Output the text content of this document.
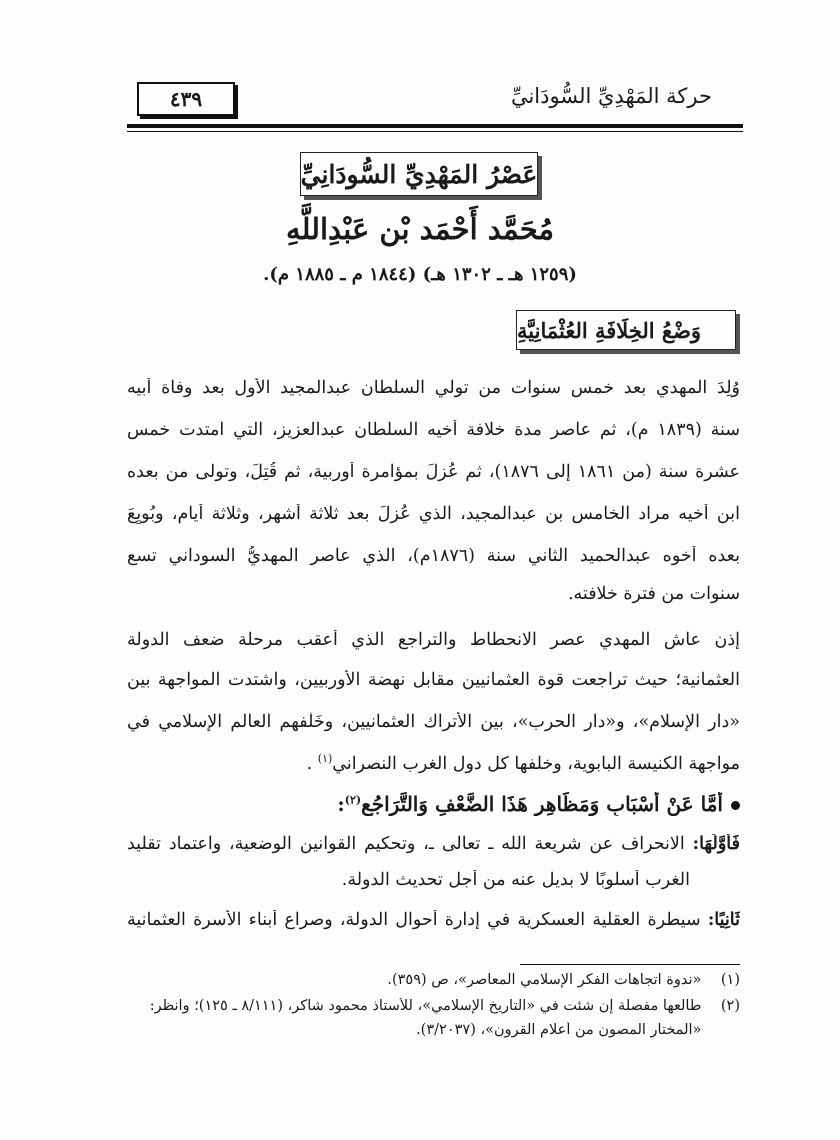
حركة المَهْدِيِّ السُّودَانيِّ
٤٣٩
عَصْرُ المَهْدِيِّ السُّودَانِيِّ
مُحَمَّد أَحْمَد بْن عَبْدِاللَّهِ
(١٢٥٩ هـ ـ ١٣٠٢ هـ) (١٨٤٤ م ـ ١٨٨٥ م).
وَضْعُ الخِلَافَةِ العُثْمَانِيَّةِ
وُلِدَ المهدي بعد خمس سنوات من تولي السلطان عبدالمجيد الأول بعد وفاة أبيه
سنة (١٨٣٩ م)، ثم عاصر مدة خلافة أخيه السلطان عبدالعزيز، التي امتدت خمس
عشرة سنة (من ١٨٦١ إلى ١٨٧٦)، ثم عُزِلَ بمؤامرة أوربية، ثم قُتِلَ، وتولى من بعده
ابن أخيه مراد الخامس بن عبدالمجيد، الذي عُزِلَ بعد ثلاثة أشهر، وثلاثة أيام، وبُويِعَ
بعده أخوه عبدالحميد الثاني سنة (١٨٧٦م)، الذي عاصر المهديُّ السوداني تسع
سنوات من فترة خلافته.
إذن عاش المهدي عصر الانحطاط والتراجع الذي أعقب مرحلة ضعف الدولة
العثمانية؛ حيث تراجعت قوة العثمانيين مقابل نهضة الأوربيين، واشتدت المواجهة بين
«دار الإسلام»، و«دار الحرب»، بين الأتراك العثمانيين، وخَلْفهم العالم الإسلامي في
مواجهة الكنيسة البابوية، وخلفها كل دول الغرب النصراني$^{(١)}$ .
أَمَّا عَنْ أَسْبَابِ وَمَظَاهِرِ هَذَا الضَّعْفِ وَالتَّرَاجُعِ$^{(٢)}$:
فَأَوَّلُهَا: الانحراف عن شريعة الله ـ تعالى ـ، وتحكيم القوانين الوضعية، واعتماد تقليد
الغرب أسلوبًا لا بديل عنه من أجل تحديث الدولة.
ثَانِيًا: سيطرة العقلية العسكرية في إدارة أحوال الدولة، وصراع أبناء الأسرة العثمانية
(١) «ندوة اتجاهات الفكر الإسلامي المعاصر»، ص (٣٥٩).
(٢) طالعها مفصلة إن شئت في «التاريخ الإسلامي»، للأستاذ محمود شاكر، (٨/١١١ ـ ١٢٥)؛ وانظر:
«المختار المصون من أعلام القرون»، (٣/٢٠٣٧).
